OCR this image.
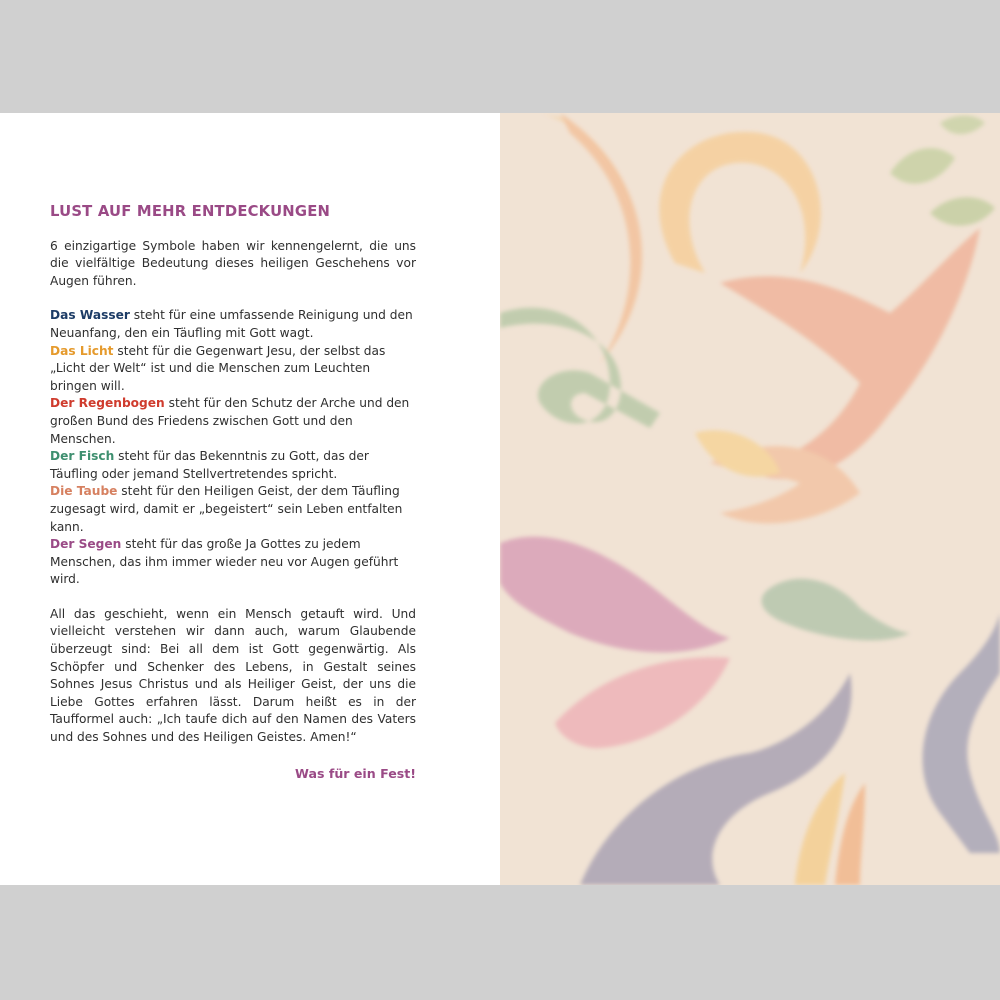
LUST AUF MEHR ENTDECKUNGEN

6 einzigartige Symbole haben wir kennengelernt, die uns die vielfältige Bedeutung dieses heiligen Geschehens vor Augen führen.

Das Wasser steht für eine umfassende Reinigung und den Neuanfang, den ein Täufling mit Gott wagt.

Das Licht steht für die Gegenwart Jesu, der selbst das „Licht der Welt“ ist und die Menschen zum Leuchten bringen will.

Der Regenbogen steht für den Schutz der Arche und den großen Bund des Friedens zwischen Gott und den Menschen.

Der Fisch steht für das Bekenntnis zu Gott, das der Täufling oder jemand Stellvertretendes spricht.

Die Taube steht für den Heiligen Geist, der dem Täufling zugesagt wird, damit er „begeistert“ sein Leben entfalten kann.

Der Segen steht für das große Ja Gottes zu jedem Menschen, das ihm immer wieder neu vor Augen geführt wird.

All das geschieht, wenn ein Mensch getauft wird. Und vielleicht verstehen wir dann auch, warum Glaubende überzeugt sind: Bei all dem ist Gott gegenwärtig. Als Schöpfer und Schenker des Lebens, in Gestalt seines Sohnes Jesus Christus und als Heiliger Geist, der uns die Liebe Gottes erfahren lässt. Darum heißt es in der Taufformel auch: „Ich taufe dich auf den Namen des Vaters und des Sohnes und des Heiligen Geistes. Amen!“

Was für ein Fest!
